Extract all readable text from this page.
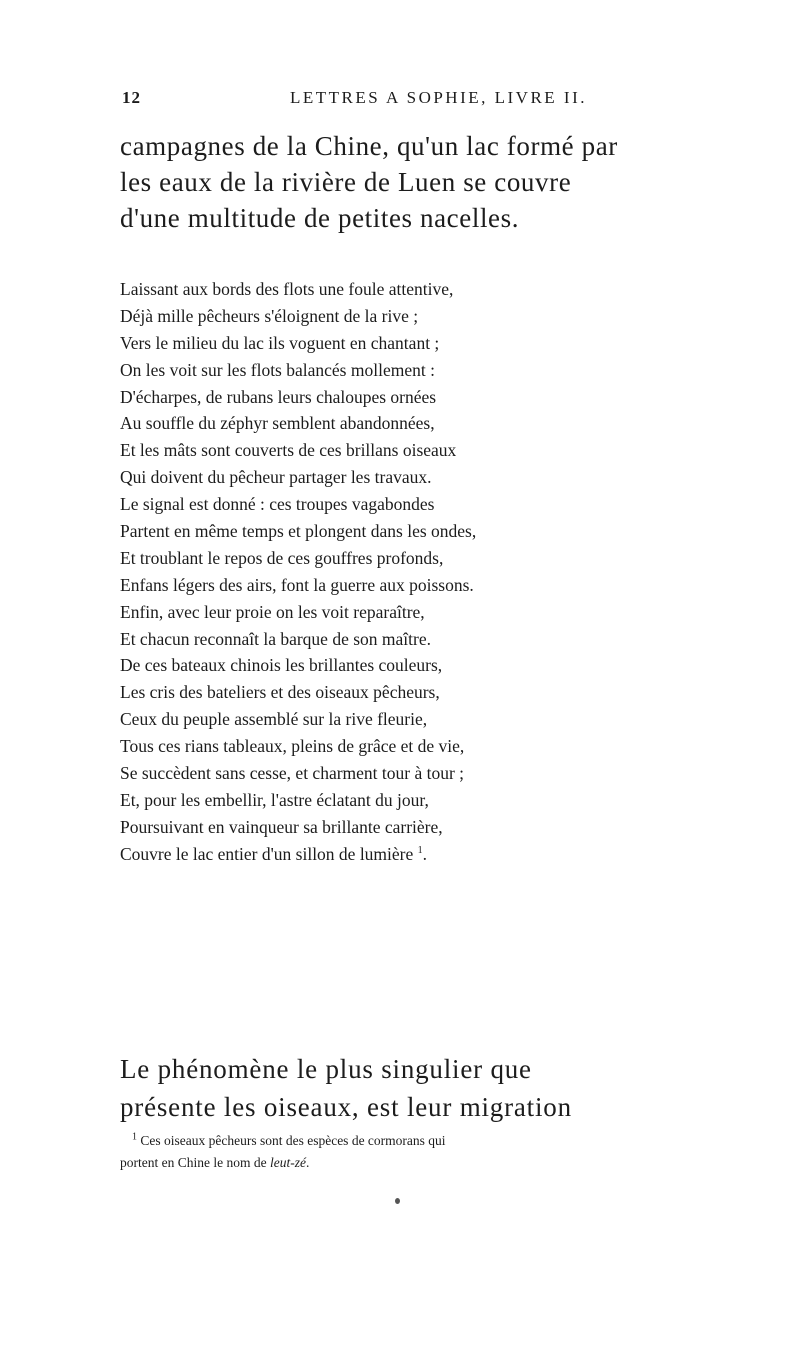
12	LETTRES A SOPHIE, LIVRE II.
campagnes de la Chine, qu'un lac formé par
les eaux de la rivière de Luen se couvre
d'une multitude de petites nacelles.
Laissant aux bords des flots une foule attentive,
Déjà mille pêcheurs s'éloignent de la rive ;
Vers le milieu du lac ils voguent en chantant ;
On les voit sur les flots balancés mollement :
D'écharpes, de rubans leurs chaloupes ornées
Au souffle du zéphyr semblent abandonnées,
Et les mâts sont couverts de ces brillans oiseaux
Qui doivent du pêcheur partager les travaux.
Le signal est donné : ces troupes vagabondes
Partent en même temps et plongent dans les ondes,
Et troublant le repos de ces gouffres profonds,
Enfans légers des airs, font la guerre aux poissons.
Enfin, avec leur proie on les voit reparaître,
Et chacun reconnaît la barque de son maître.
De ces bateaux chinois les brillantes couleurs,
Les cris des bateliers et des oiseaux pêcheurs,
Ceux du peuple assemblé sur la rive fleurie,
Tous ces rians tableaux, pleins de grâce et de vie,
Se succèdent sans cesse, et charment tour à tour ;
Et, pour les embellir, l'astre éclatant du jour,
Poursuivant en vainqueur sa brillante carrière,
Couvre le lac entier d'un sillon de lumière $^1$.
Le phénomène le plus singulier que
présente les oiseaux, est leur migration
$^1$ Ces oiseaux pêcheurs sont des espèces de cormorans qui
portent en Chine le nom de leut-zé.
